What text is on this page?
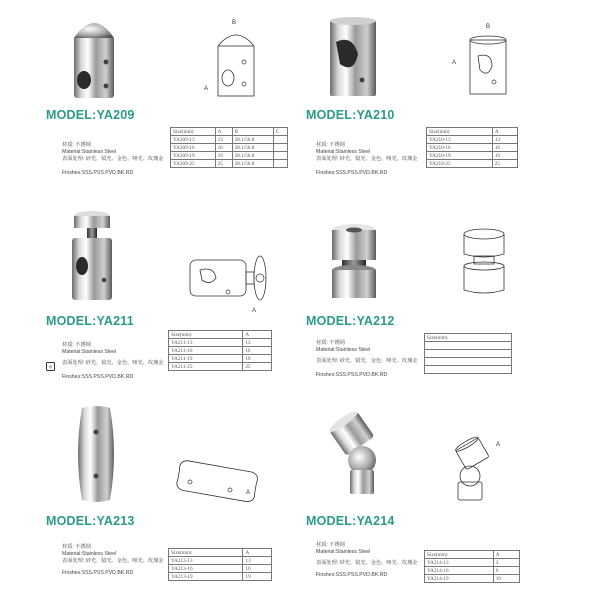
B
A
MODEL:YA209
材质: 不锈钢
Material:Stainless Steel
表面处理: 砂光、镜光、金色、哑光、玫瑰金
Finshes:SSS.PSS.PVD.BK.RD
Size(mm)	A	B	C
YA209-13	13	38.1/50.8	
YA209-16	16	38.1/50.8	
YA209-19	19	38.1/50.8	
YA209-25	25	38.1/50.8	
B
A
MODEL:YA210
材质: 不锈钢
Material:Stainless Steel
表面处理: 砂光、镜光、金色、哑光、玫瑰金
Finshes:SSS.PSS.PVD.BK.RD
Size(mm)	A
YA210-13	13
YA210-16	16
YA210-19	19
YA210-25	25
A
MODEL:YA211
◎
材质: 不锈钢
Material:Stainless Steel
表面处理: 砂光、镜光、金色、哑光、玫瑰金
Finshes:SSS.PSS.PVD.BK.RD
Size(mm)	A
YA211-13	13
YA211-16	16
YA211-19	19
YA211-25	25
MODEL:YA212
材质: 不锈钢
Material:Stainless Steel
表面处理: 砂光、镜光、金色、哑光、玫瑰金
Finshes:SSS.PSS.PVD.BK.RD
Size(mm)

A
MODEL:YA213
材质: 不锈钢
Material:Stainless Steel
表面处理: 砂光、镜光、金色、哑光、玫瑰金
Finshes:SSS.PSS.PVD.BK.RD
Size(mm)	A
YA213-13	13
YA213-16	16
YA213-19	19
A
MODEL:YA214
材质: 不锈钢
Material:Stainless Steel
表面处理: 砂光、镜光、金色、哑光、玫瑰金
Finshes:SSS.PSS.PVD.BK.RD
Size(mm)	A
YA214-13	3
YA214-16	6
YA214-19	19
